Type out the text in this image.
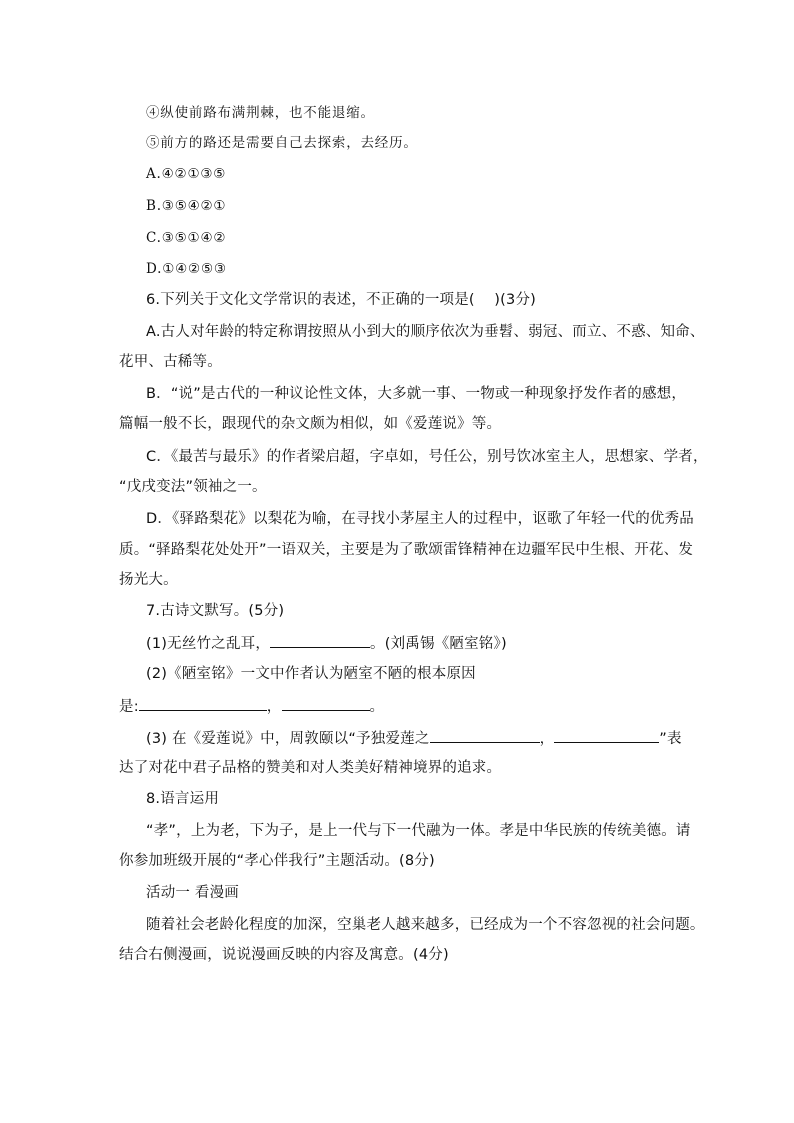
④纵使前路布满荆棘，也不能退缩。
⑤前方的路还是需要自己去探索，去经历。
A.④②①③⑤
B.③⑤④②①
C.③⑤①④②
D.①④②⑤③
6.下列关于文化文学常识的表述，不正确的一项是(　 )(3分)
A.古人对年龄的特定称谓按照从小到大的顺序依次为垂髫、弱冠、而立、不惑、知命、
花甲、古稀等。
B．“说”是古代的一种议论性文体，大多就一事、一物或一种现象抒发作者的感想，
篇幅一般不长，跟现代的杂文颇为相似，如《爱莲说》等。
C．《最苦与最乐》的作者梁启超，字卓如，号任公，别号饮冰室主人，思想家、学者，
“戊戌变法”领袖之一。
D．《驿路梨花》以梨花为喻，在寻找小茅屋主人的过程中，讴歌了年轻一代的优秀品
质。“驿路梨花处处开”一语双关，主要是为了歌颂雷锋精神在边疆军民中生根、开花、发
扬光大。
7.古诗文默写。(5分)
(1)无丝竹之乱耳，	。(刘禹锡《陋室铭》)
(2)《陋室铭》一文中作者认为陋室不陋的根本原因
是:	，	。
(3) 在《爱莲说》中，周敦颐以“予独爱莲之	，	”表
达了对花中君子品格的赞美和对人类美好精神境界的追求。
8.语言运用
“孝”，上为老，下为子，是上一代与下一代融为一体。孝是中华民族的传统美德。请
你参加班级开展的“孝心伴我行”主题活动。(8分)
活动一 看漫画
随着社会老龄化程度的加深，空巢老人越来越多，已经成为一个不容忽视的社会问题。
结合右侧漫画，说说漫画反映的内容及寓意。(4分)
